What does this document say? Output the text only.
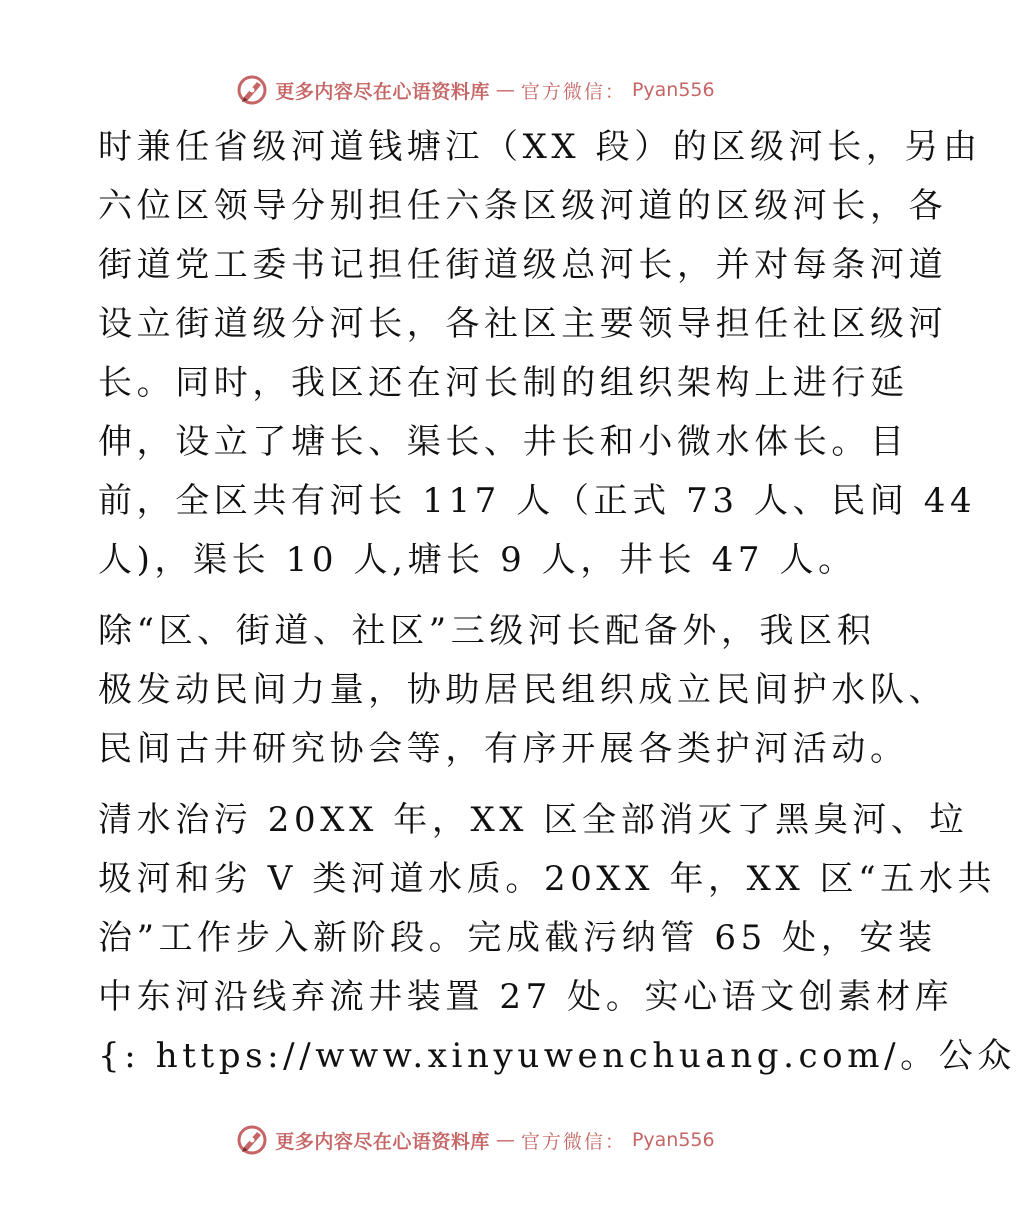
更多内容尽在心语资料库 — 官方微信： Pyan556
时兼任省级河道钱塘江（XX 段）的区级河长，另由
六位区领导分别担任六条区级河道的区级河长，各
街道党工委书记担任街道级总河长，并对每条河道
设立街道级分河长，各社区主要领导担任社区级河
长。同时，我区还在河长制的组织架构上进行延
伸，设立了塘长、渠长、井长和小微水体长。目
前，全区共有河长 117 人（正式 73 人、民间 44
人)，渠长 10 人,塘长 9 人，井长 47 人。
除“区、街道、社区”三级河长配备外，我区积
极发动民间力量，协助居民组织成立民间护水队、
民间古井研究协会等，有序开展各类护河活动。
清水治污 20XX 年，XX 区全部消灭了黑臭河、垃
圾河和劣 V 类河道水质。20XX 年，XX 区“五水共
治”工作步入新阶段。完成截污纳管 65 处，安装
中东河沿线弃流井装置 27 处。实心语文创素材库
{: https://www.xinyuwenchuang.com/。公众
更多内容尽在心语资料库 — 官方微信： Pyan556
